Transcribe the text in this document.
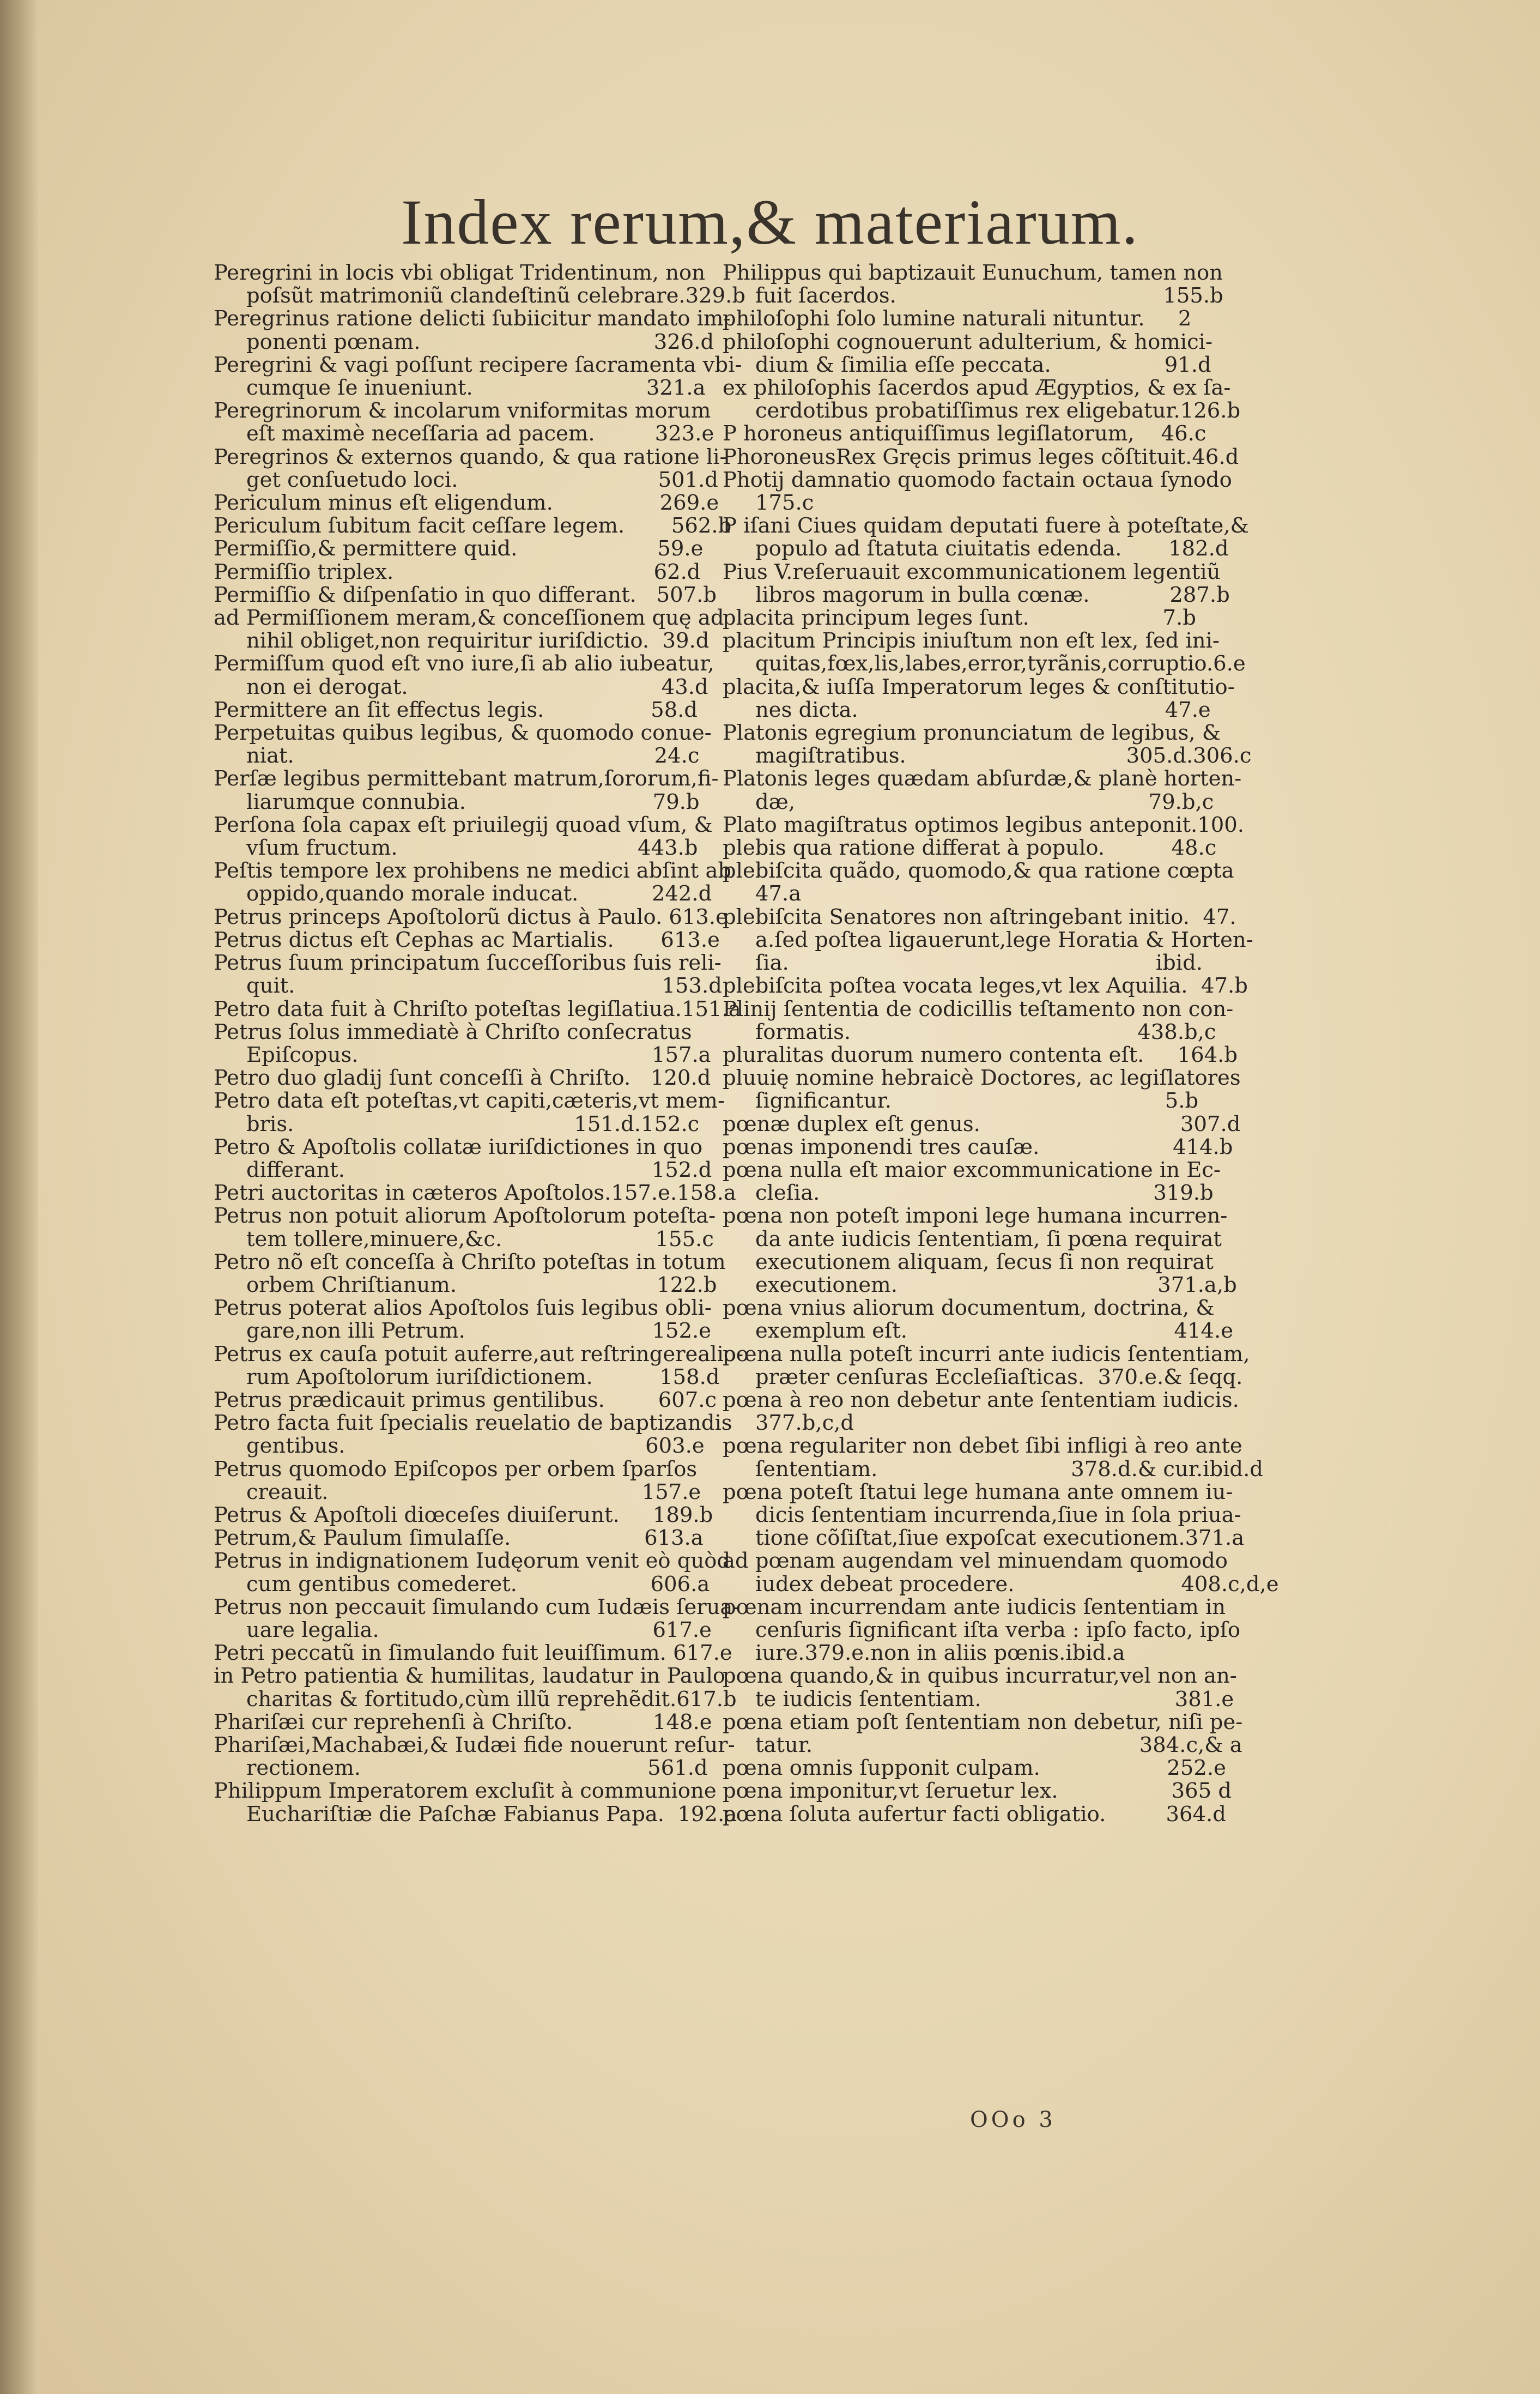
Index rerum,& materiarum.
Peregrini in locis vbi obligat Tridentinum, non
poſsũt matrimoniũ clandeſtinũ celebrare.329.b
Peregrinus ratione delicti ſubiicitur mandato im-
ponenti pœnam.                                   326.d
Peregrini & vagi poſſunt recipere ſacramenta vbi-
cumque ſe inueniunt.                          321.a
Peregrinorum & incolarum vniformitas morum
eſt maximè neceſſaria ad pacem.         323.e
Peregrinos & externos quando, & qua ratione li-
get conſuetudo loci.                              501.d
Periculum minus eſt eligendum.                269.e
Periculum ſubitum facit ceſſare legem.       562.b
Permiſſio,& permittere quid.                     59.e
Permiſſio triplex.                                       62.d
Permiſſio & diſpenſatio in quo differant.   507.b
ad Permiſſionem meram,& conceſſionem quę ad
nihil obliget,non requiritur iuriſdictio.  39.d
Permiſſum quod eſt vno iure,ſi ab alio iubeatur,
non ei derogat.                                      43.d
Permittere an ſit effectus legis.                58.d
Perpetuitas quibus legibus, & quomodo conue-
niat.                                                      24.c
Perſæ legibus permittebant matrum,ſororum,fi-
liarumque connubia.                            79.b
Perſona ſola capax eſt priuilegij quoad vſum, &
vſum fructum.                                    443.b
Peſtis tempore lex prohibens ne medici abſint ab
oppido,quando morale inducat.           242.d
Petrus princeps Apoſtolorũ dictus à Paulo. 613.e
Petrus dictus eſt Cephas ac Martialis.       613.e
Petrus ſuum principatum ſucceſſoribus ſuis reli-
quit.                                                       153.d
Petro data fuit à Chriſto poteſtas legiſlatiua.151.a
Petrus ſolus immediatè à Chriſto conſecratus
Epiſcopus.                                            157.a
Petro duo gladij ſunt conceſſi à Chriſto.   120.d
Petro data eſt poteſtas,vt capiti,cæteris,vt mem-
bris.                                          151.d.152.c
Petro & Apoſtolis collatæ iuriſdictiones in quo
differant.                                              152.d
Petri auctoritas in cæteros Apoſtolos.157.e.158.a
Petrus non potuit aliorum Apoſtolorum poteſta-
tem tollere,minuere,&c.                       155.c
Petro nõ eſt conceſſa à Chriſto poteſtas in totum
orbem Chriſtianum.                              122.b
Petrus poterat alios Apoſtolos ſuis legibus obli-
gare,non illi Petrum.                            152.e
Petrus ex cauſa potuit auferre,aut reſtringerealio-
rum Apoſtolorum iuriſdictionem.          158.d
Petrus prædicauit primus gentilibus.        607.c
Petro facta fuit ſpecialis reuelatio de baptizandis
gentibus.                                             603.e
Petrus quomodo Epiſcopos per orbem ſparſos
creauit.                                               157.e
Petrus & Apoſtoli diœceſes diuiſerunt.     189.b
Petrum,& Paulum ſimulaſſe.                    613.a
Petrus in indignationem Iudęorum venit eò quòd
cum gentibus comederet.                    606.a
Petrus non peccauit ſimulando cum Iudæis ſerua-
uare legalia.                                         617.e
Petri peccatũ in ſimulando fuit leuiſſimum. 617.e
in Petro patientia & humilitas, laudatur in Paulo
charitas & fortitudo,cùm illũ reprehẽdit.617.b
Phariſæi cur reprehenſi à Chriſto.            148.e
Phariſæi,Machabæi,& Iudæi fide nouerunt reſur-
rectionem.                                           561.d
Philippum Imperatorem excluſit à communione
Euchariſtiæ die Paſchæ Fabianus Papa.  192.a
Philippus qui baptizauit Eunuchum, tamen non
fuit ſacerdos.                                        155.b
philoſophi ſolo lumine naturali nituntur.     2
philoſophi cognouerunt adulterium, & homici-
dium & ſimilia eſſe peccata.                 91.d
ex philoſophis ſacerdos apud Ægyptios, & ex ſa-
cerdotibus probatiſſimus rex eligebatur.126.b
P horoneus antiquiſſimus legiſlatorum,    46.c
PhoroneusRex Gręcis primus leges cõſtituit.46.d
Photij damnatio quomodo factain octaua ſynodo
175.c
P iſani Ciues quidam deputati fuere à poteſtate,&
populo ad ſtatuta ciuitatis edenda.       182.d
Pius V.reſeruauit excommunicationem legentiũ
libros magorum in bulla cœnæ.            287.b
placita principum leges ſunt.                    7.b
placitum Principis iniuſtum non eſt lex, ſed ini-
quitas,fœx,lis,labes,error,tyrãnis,corruptio.6.e
placita,& iuſſa Imperatorum leges & conſtitutio-
nes dicta.                                              47.e
Platonis egregium pronunciatum de legibus, &
magiſtratibus.                                 305.d.306.c
Platonis leges quædam abſurdæ,& planè horten-
dæ,                                                     79.b,c
Plato magiſtratus optimos legibus anteponit.100.
plebis qua ratione differat à populo.          48.c
plebiſcita quãdo, quomodo,& qua ratione cœpta
47.a
plebiſcita Senatores non aſtringebant initio.  47.
a.ſed poſtea ligauerunt,lege Horatia & Horten-
ſia.                                                       ibid.
plebiſcita poſtea vocata leges,vt lex Aquilia.  47.b
Plinij ſententia de codicillis teſtamento non con-
formatis.                                           438.b,c
pluralitas duorum numero contenta eſt.     164.b
pluuię nomine hebraicè Doctores, ac legiſlatores
ſignificantur.                                         5.b
pœnæ duplex eſt genus.                              307.d
pœnas imponendi tres cauſæ.                    414.b
pœna nulla eſt maior excommunicatione in Ec-
cleſia.                                                  319.b
pœna non poteſt imponi lege humana incurren-
da ante iudicis ſententiam, ſi pœna requirat
executionem aliquam, ſecus ſi non requirat
executionem.                                       371.a,b
pœna vnius aliorum documentum, doctrina, &
exemplum eſt.                                        414.e
pœna nulla poteſt incurri ante iudicis ſententiam,
præter cenſuras Eccleſiaſticas.  370.e.& ſeqq.
pœna à reo non debetur ante ſententiam iudicis.
377.b,c,d
pœna regulariter non debet ſibi infligi à reo ante
ſententiam.                             378.d.& cur.ibid.d
pœna poteſt ſtatui lege humana ante omnem iu-
dicis ſententiam incurrenda,ſiue in ſola priua-
tione cõſiſtat,ſiue expoſcat executionem.371.a
ad pœnam augendam vel minuendam quomodo
iudex debeat procedere.                         408.c,d,e
pœnam incurrendam ante iudicis ſententiam in
cenſuris ſignificant iſta verba : ipſo facto, ipſo
iure.379.e.non in aliis pœnis.ibid.a
pœna quando,& in quibus incurratur,vel non an-
te iudicis ſententiam.                             381.e
pœna etiam poſt ſententiam non debetur, niſi pe-
tatur.                                                 384.c,& a
pœna omnis ſupponit culpam.                   252.e
pœna imponitur,vt ſeruetur lex.                 365 d
pœna ſoluta aufertur facti obligatio.         364.d
OOo 3
